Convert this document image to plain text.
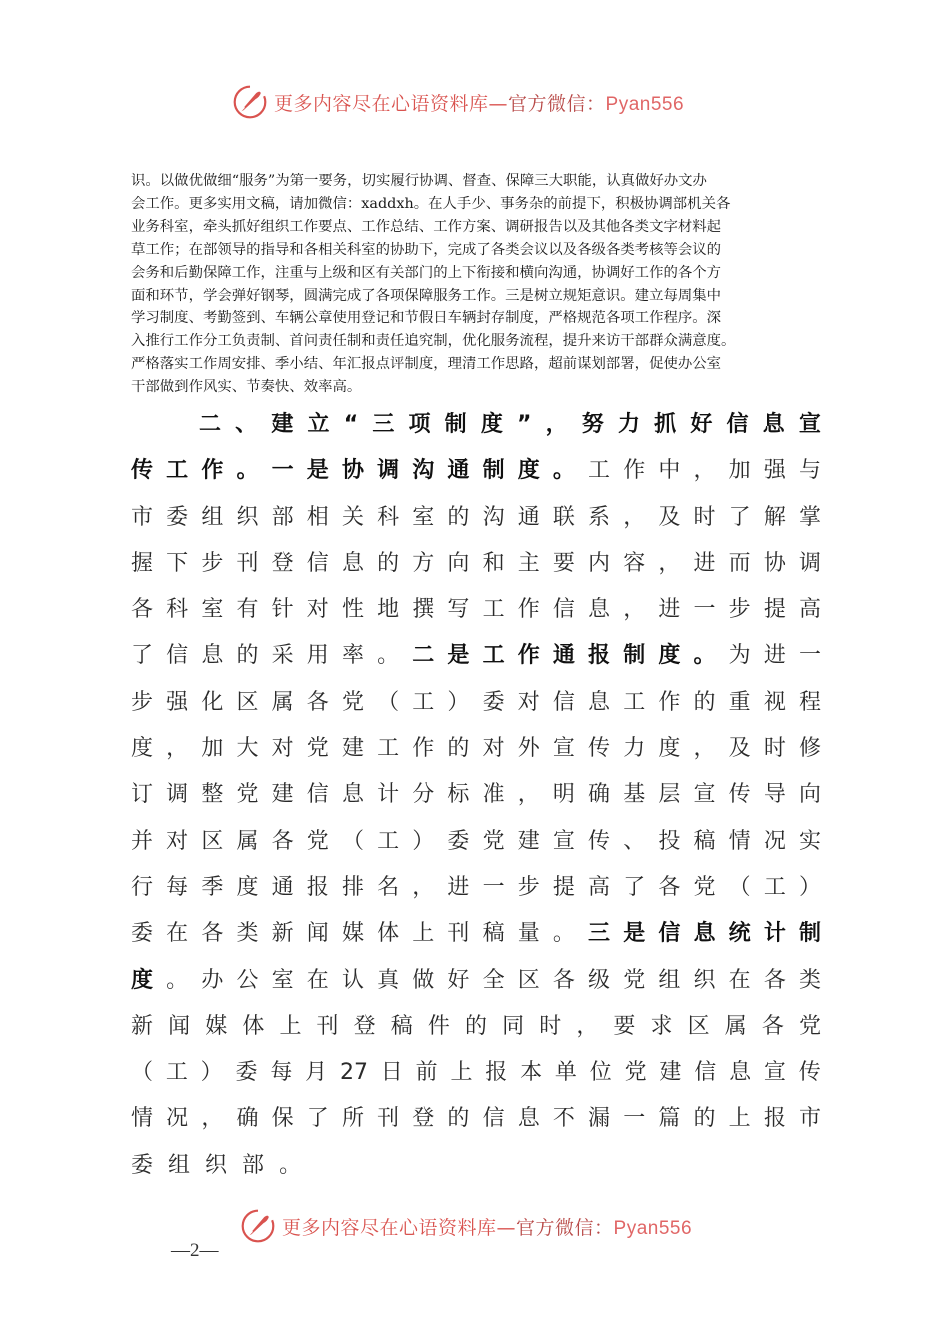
更多内容尽在心语资料库—官方微信：Pyan556

识。以做优做细“服务”为第一要务，切实履行协调、督查、保障三大职能，认真做好办文办

会工作。更多实用文稿，请加微信：xaddxh。在人手少、事务杂的前提下，积极协调部机关各

业务科室，牵头抓好组织工作要点、工作总结、工作方案、调研报告以及其他各类文字材料起

草工作；在部领导的指导和各相关科室的协助下，完成了各类会议以及各级各类考核等会议的

会务和后勤保障工作，注重与上级和区有关部门的上下衔接和横向沟通，协调好工作的各个方

面和环节，学会弹好钢琴，圆满完成了各项保障服务工作。三是树立规矩意识。建立每周集中

学习制度、考勤签到、车辆公章使用登记和节假日车辆封存制度，严格规范各项工作程序。深

入推行工作分工负责制、首问责任制和责任追究制，优化服务流程，提升来访干部群众满意度。

严格落实工作周安排、季小结、年汇报点评制度，理清工作思路，超前谋划部署，促使办公室

干部做到作风实、节奏快、效率高。

二 、 建 立 “ 三 项 制 度 ” ， 努 力 抓 好 信 息 宣
传 工 作 。 一 是 协 调 沟 通 制 度 。 工 作 中 ， 加 强 与
市 委 组 织 部 相 关 科 室 的 沟 通 联 系 ， 及 时 了 解 掌
握 下 步 刊 登 信 息 的 方 向 和 主 要 内 容 ， 进 而 协 调
各 科 室 有 针 对 性 地 撰 写 工 作 信 息 ， 进 一 步 提 高
了 信 息 的 采 用 率 。 二 是 工 作 通 报 制 度 。 为 进 一
步 强 化 区 属 各 党 （ 工 ） 委 对 信 息 工 作 的 重 视 程
度 ， 加 大 对 党 建 工 作 的 对 外 宣 传 力 度 ， 及 时 修
订 调 整 党 建 信 息 计 分 标 准 ， 明 确 基 层 宣 传 导 向
并 对 区 属 各 党 （ 工 ） 委 党 建 宣 传 、 投 稿 情 况 实
行 每 季 度 通 报 排 名 ， 进 一 步 提 高 了 各 党 （ 工 ）
委 在 各 类 新 闻 媒 体 上 刊 稿 量 。 三 是 信 息 统 计 制
度 。 办 公 室 在 认 真 做 好 全 区 各 级 党 组 织 在 各 类
新 闻 媒 体 上 刊 登 稿 件 的 同 时 ， 要 求 区 属 各 党
（ 工 ） 委 每 月 27 日 前 上 报 本 单 位 党 建 信 息 宣 传
情 况 ， 确 保 了 所 刊 登 的 信 息 不 漏 一 篇 的 上 报 市
委 组 织 部 。
更多内容尽在心语资料库—官方微信：Pyan556
—2—
